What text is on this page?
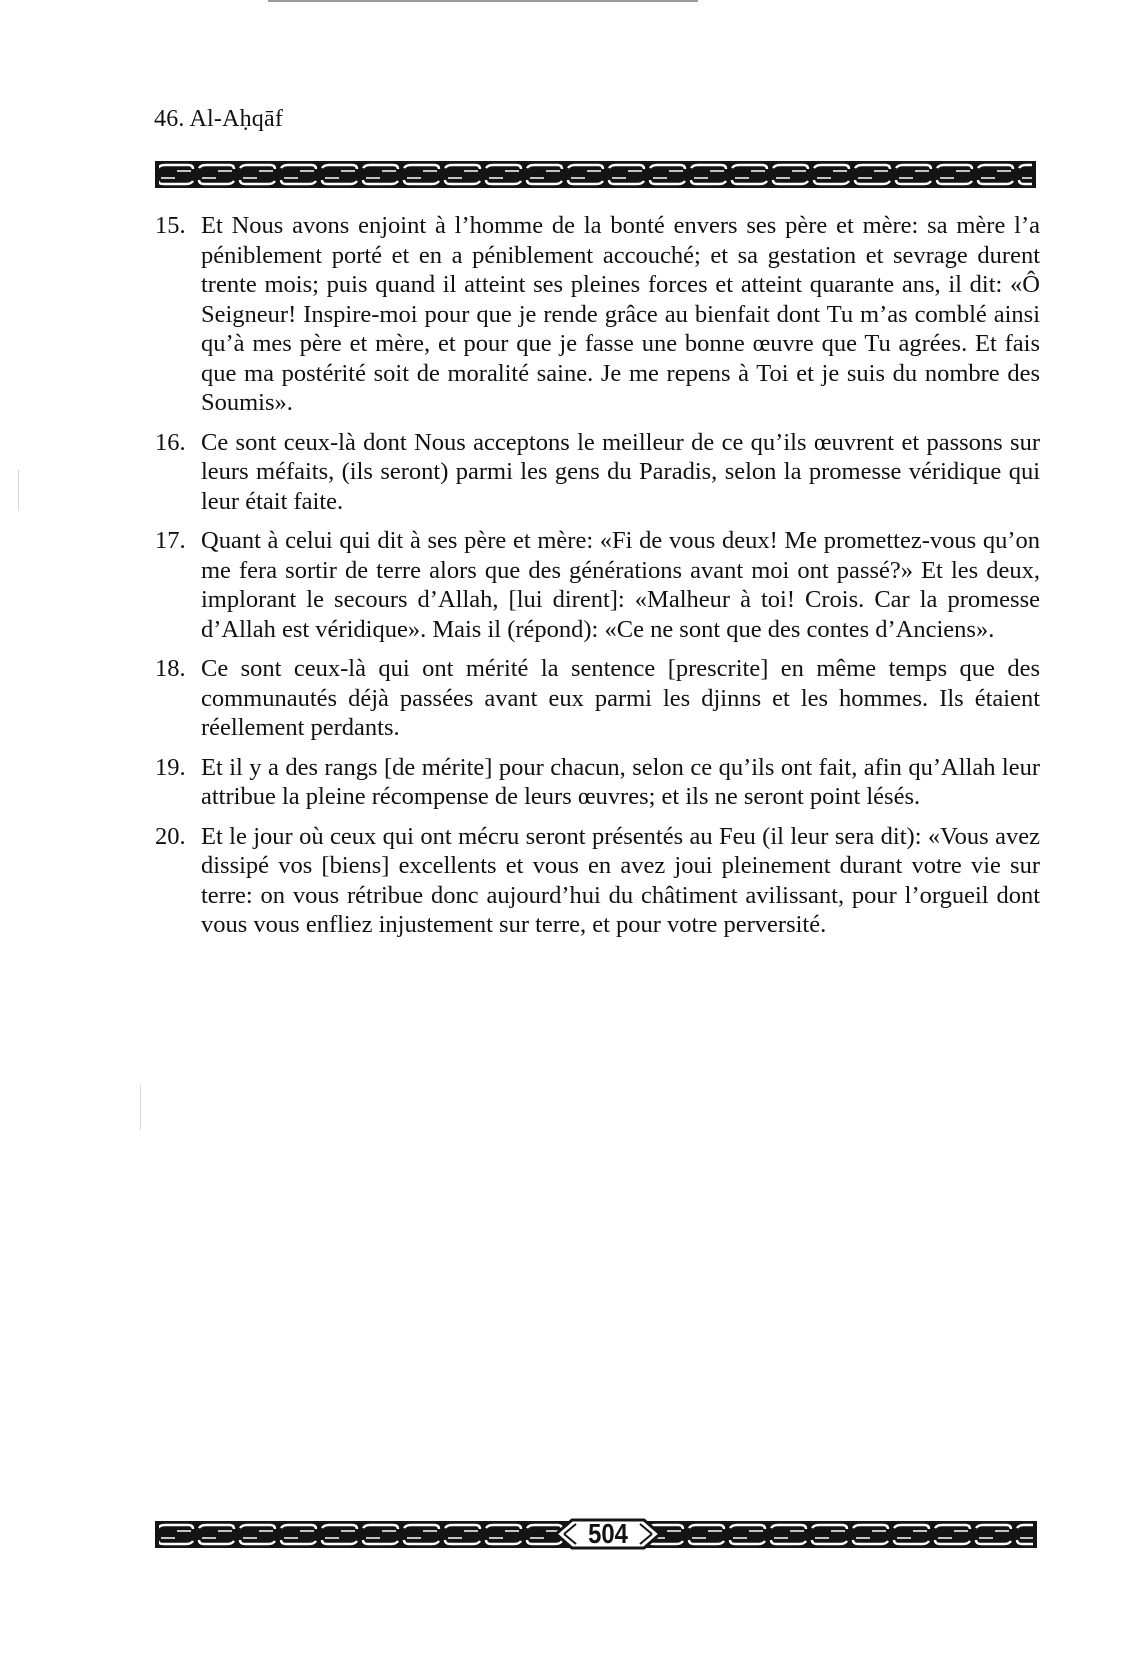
46. Al-Aḥqāf
15. Et Nous avons enjoint à l’homme de la bonté envers ses père et mère: sa mère l’a péniblement porté et en a péniblement accouché; et sa gestation et sevrage durent trente mois; puis quand il atteint ses pleines forces et atteint quarante ans, il dit: «Ô Seigneur! Inspire-moi pour que je rende grâce au bienfait dont Tu m’as comblé ainsi qu’à mes père et mère, et pour que je fasse une bonne œuvre que Tu agrées. Et fais que ma postérité soit de moralité saine. Je me repens à Toi et je suis du nombre des Soumis».
16. Ce sont ceux-là dont Nous acceptons le meilleur de ce qu’ils œuvrent et passons sur leurs méfaits, (ils seront) parmi les gens du Paradis, selon la promesse véridique qui leur était faite.
17. Quant à celui qui dit à ses père et mère: «Fi de vous deux! Me promettez-vous qu’on me fera sortir de terre alors que des générations avant moi ont passé?» Et les deux, implorant le secours d’Allah, [lui dirent]: «Malheur à toi! Crois. Car la promesse d’Allah est véridique». Mais il (répond): «Ce ne sont que des contes d’Anciens».
18. Ce sont ceux-là qui ont mérité la sentence [prescrite] en même temps que des communautés déjà passées avant eux parmi les djinns et les hommes. Ils étaient réellement perdants.
19. Et il y a des rangs [de mérite] pour chacun, selon ce qu’ils ont fait, afin qu’Allah leur attribue la pleine récompense de leurs œuvres; et ils ne seront point lésés.
20. Et le jour où ceux qui ont mécru seront présentés au Feu (il leur sera dit): «Vous avez dissipé vos [biens] excellents et vous en avez joui pleinement durant votre vie sur terre: on vous rétribue donc aujourd’hui du châtiment avilissant, pour l’orgueil dont vous vous enfliez injustement sur terre, et pour votre perversité.
504
